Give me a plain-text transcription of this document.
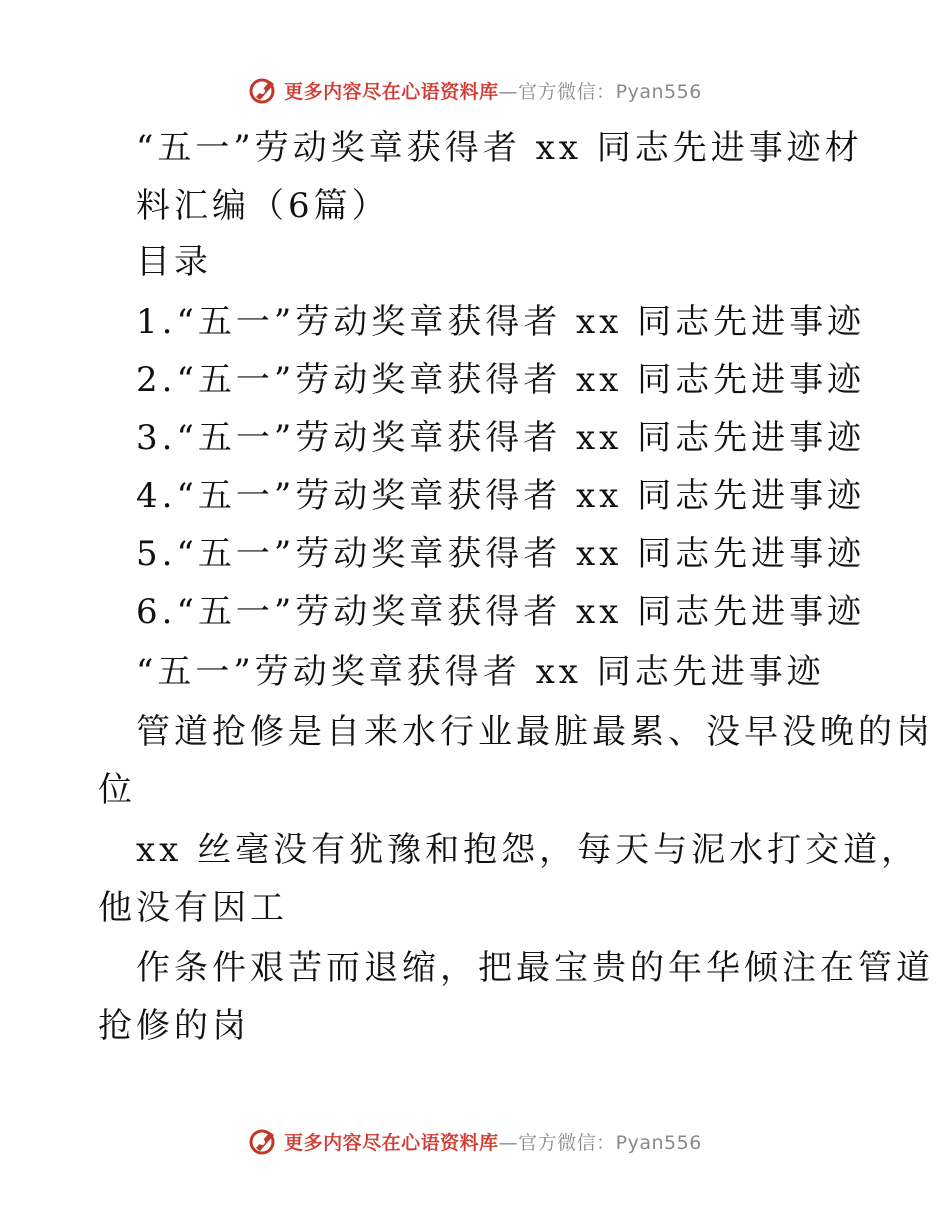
更多内容尽在心语资料库—官方微信：Pyan556
“五一”劳动奖章获得者 xx 同志先进事迹材
料汇编（6篇）
目录
1.“五一”劳动奖章获得者 xx 同志先进事迹
2.“五一”劳动奖章获得者 xx 同志先进事迹
3.“五一”劳动奖章获得者 xx 同志先进事迹
4.“五一”劳动奖章获得者 xx 同志先进事迹
5.“五一”劳动奖章获得者 xx 同志先进事迹
6.“五一”劳动奖章获得者 xx 同志先进事迹
“五一”劳动奖章获得者 xx 同志先进事迹
管道抢修是自来水行业最脏最累、没早没晚的岗
位
xx 丝毫没有犹豫和抱怨，每天与泥水打交道，
他没有因工
作条件艰苦而退缩，把最宝贵的年华倾注在管道
抢修的岗
更多内容尽在心语资料库—官方微信：Pyan556
